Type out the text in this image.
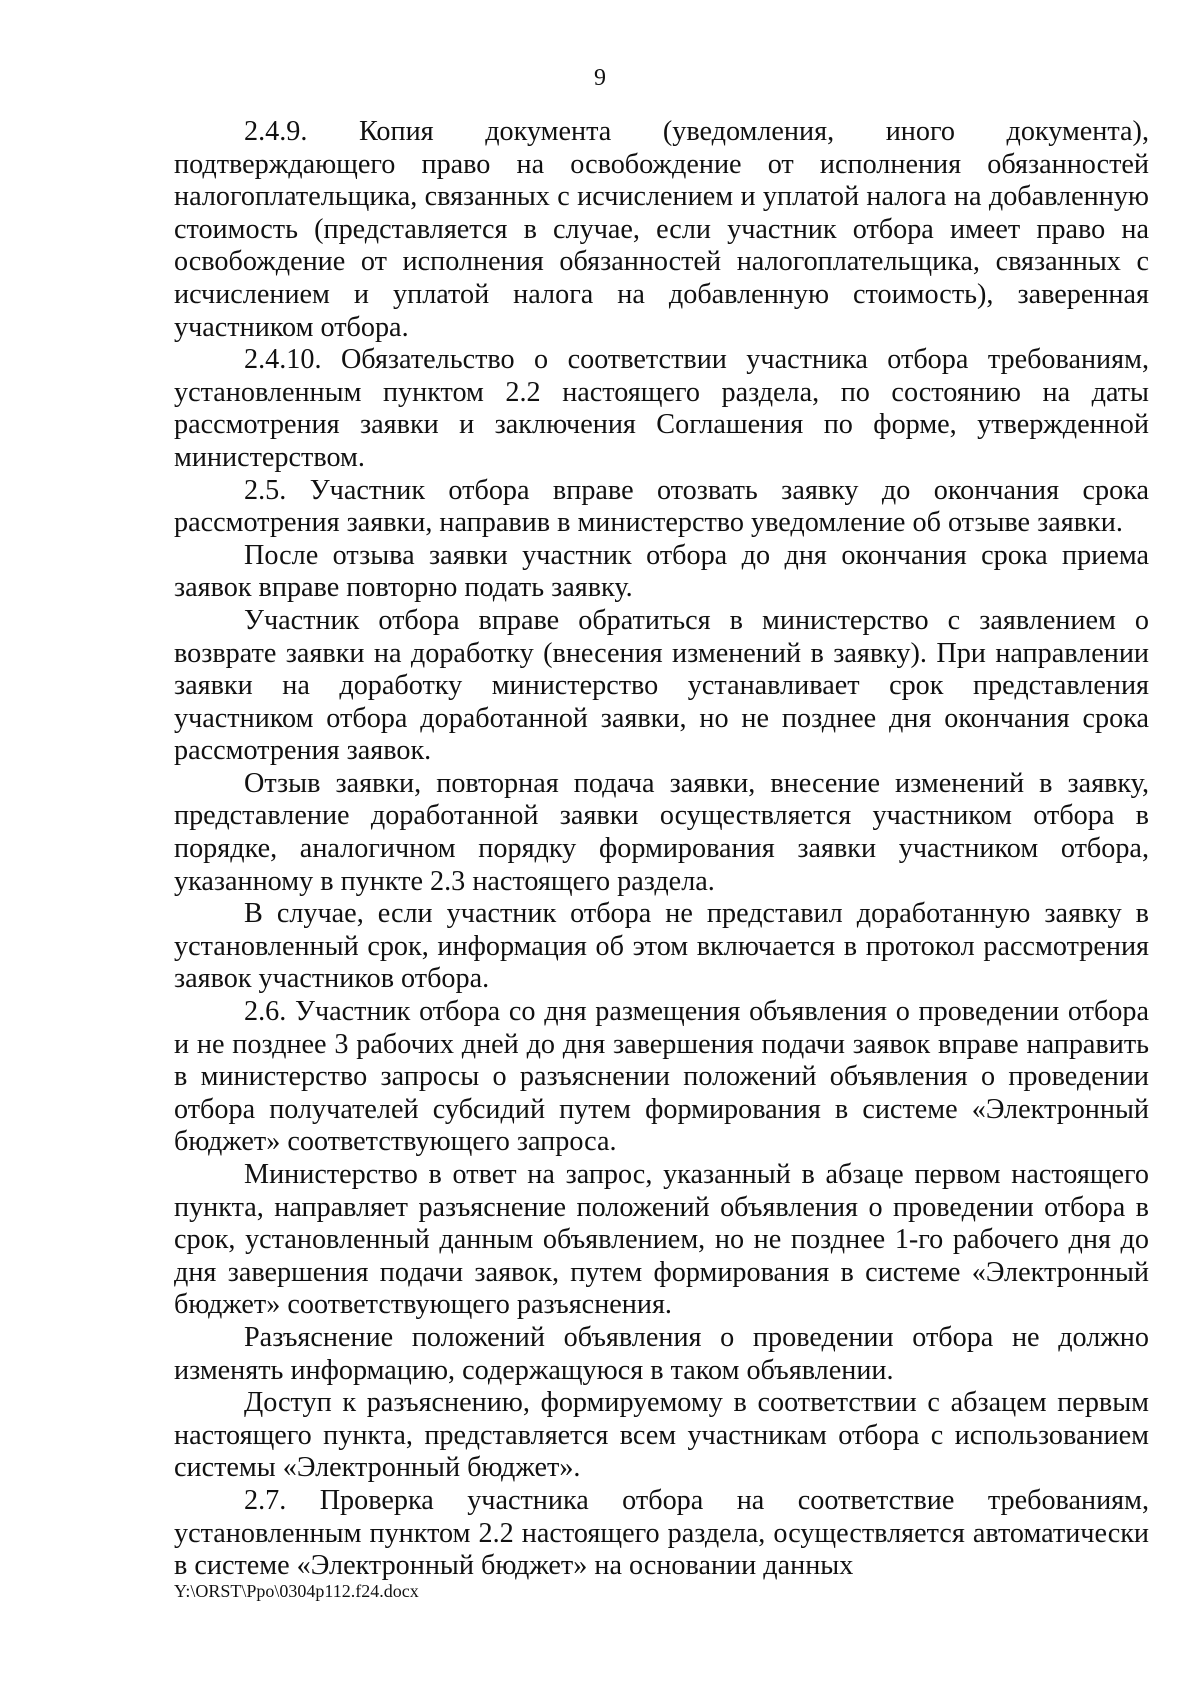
9

2.4.9. Копия документа (уведомления, иного документа), подтверждающего право на освобождение от исполнения обязанностей налогоплательщика, связанных с исчислением и уплатой налога на добавленную стоимость (представляется в случае, если участник отбора имеет право на освобождение от исполнения обязанностей налогоплательщика, связанных с исчислением и уплатой налога на добавленную стоимость), заверенная участником отбора.

2.4.10. Обязательство о соответствии участника отбора требованиям, установленным пунктом 2.2 настоящего раздела, по состоянию на даты рассмотрения заявки и заключения Соглашения по форме, утвержденной министерством.

2.5. Участник отбора вправе отозвать заявку до окончания срока рассмотрения заявки, направив в министерство уведомление об отзыве заявки.

После отзыва заявки участник отбора до дня окончания срока приема заявок вправе повторно подать заявку.

Участник отбора вправе обратиться в министерство с заявлением о возврате заявки на доработку (внесения изменений в заявку). При направлении заявки на доработку министерство устанавливает срок представления участником отбора доработанной заявки, но не позднее дня окончания срока рассмотрения заявок.

Отзыв заявки, повторная подача заявки, внесение изменений в заявку, представление доработанной заявки осуществляется участником отбора в порядке, аналогичном порядку формирования заявки участником отбора, указанному в пункте 2.3 настоящего раздела.

В случае, если участник отбора не представил доработанную заявку в установленный срок, информация об этом включается в протокол рассмотрения заявок участников отбора.

2.6. Участник отбора со дня размещения объявления о проведении отбора и не позднее 3 рабочих дней до дня завершения подачи заявок вправе направить в министерство запросы о разъяснении положений объявления о проведении отбора получателей субсидий путем формирования в системе «Электронный бюджет» соответствующего запроса.

Министерство в ответ на запрос, указанный в абзаце первом настоящего пункта, направляет разъяснение положений объявления о проведении отбора в срок, установленный данным объявлением, но не позднее 1-го рабочего дня до дня завершения подачи заявок, путем формирования в системе «Электронный бюджет» соответствующего разъяснения.

Разъяснение положений объявления о проведении отбора не должно изменять информацию, содержащуюся в таком объявлении.

Доступ к разъяснению, формируемому в соответствии с абзацем первым настоящего пункта, представляется всем участникам отбора с использованием системы «Электронный бюджет».

2.7. Проверка участника отбора на соответствие требованиям, установленным пунктом 2.2 настоящего раздела, осуществляется автоматически в системе «Электронный бюджет» на основании данных

Y:\ORST\Ppo\0304p112.f24.docx
